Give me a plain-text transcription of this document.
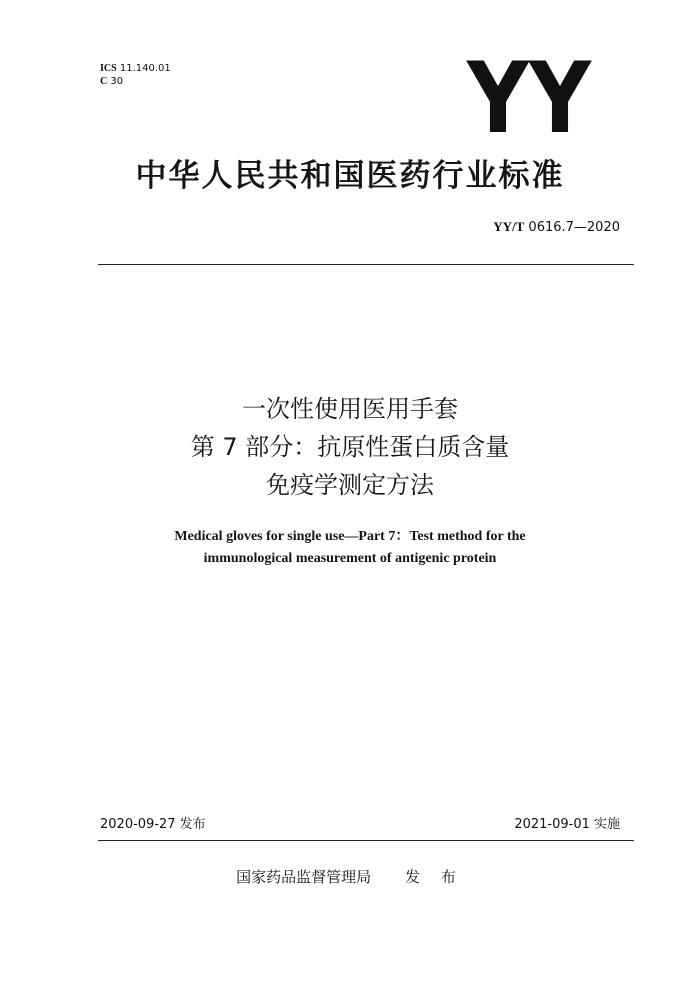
ICS 11.140.01
C 30	YY
中华人民共和国医药行业标准
YY/T 0616.7—2020
一次性使用医用手套
第 7 部分：抗原性蛋白质含量
免疫学测定方法
Medical gloves for single use—Part 7：Test method for the
immunological measurement of antigenic protein
2020-09-27 发布	2021-09-01 实施
国家药品监督管理局 发 布
